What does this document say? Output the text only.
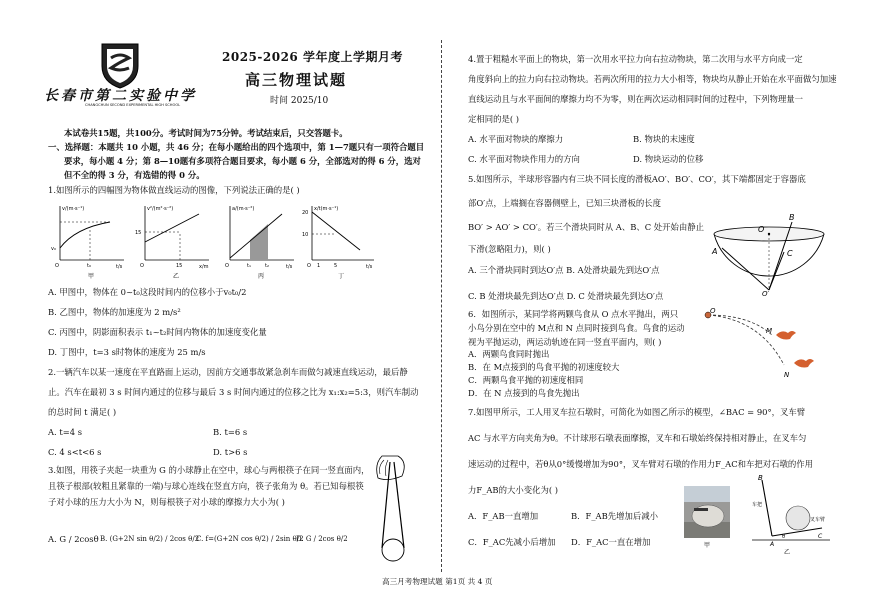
长春市第二实验中学
CHANGCHUN SECOND EXPERIMENTAL HIGH SCHOOL
2025-2026 学年度上学期月考
高三物理试题
时间 2025/10
本试卷共15题，共100分。考试时间为75分钟。考试结束后，只交答题卡。
一、选择题：本题共 10 小题，共 46 分；在每小题给出的四个选项中，第 1—7题只有一项符合题目
要求，每小题 4 分；第 8—10题有多项符合题目要求，每小题 6 分，全部选对的得 6 分，选对
但不全的得 3 分，有选错的得 0 分。
1.如图所示的四幅图为物体做直线运动的图像，下列说法正确的是( )
v/(m·s⁻¹)
t/s
t₀
v₀
O
甲
v²/(m²·s⁻²)
x/m
15
15
O
乙
a/(m·s⁻²)
t/s
t₁	t₂
O
丙
x/t(m·s⁻¹)
t/s
1	5
20
10
O
丁
A. 甲图中，物体在 0~t₀这段时间内的位移小于v₀t₀/2
B. 乙图中，物体的加速度为 2 m/s²
C. 丙图中，阴影面积表示 t₁~t₂时间内物体的加速度变化量
D. 丁图中，t=3 s时物体的速度为 25 m/s
2.一辆汽车以某一速度在平直路面上运动，因前方交通事故紧急刹车而做匀减速直线运动，最后静
止。汽车在最初 3 s 时间内通过的位移与最后 3 s 时间内通过的位移之比为 x₁:x₂=5:3，则汽车制动
的总时间 t 满足( )
A. t=4 s	B. t=6 s
C. 4 s<t<6 s	D. t>6 s
3.如图，用筷子夹起一块重为 G 的小球静止在空中，球心与两根筷子在同一竖直面内，
且筷子根部(较粗且紧靠的一端)与球心连线在竖直方向，筷子张角为 θ。若已知每根筷
子对小球的压力大小为 N，则每根筷子对小球的摩擦力大小为( )
A. G / 2cosθ B. (G+2N sin θ/2) / 2cos θ/2
C. f=(G+2N cos θ/2) / 2sin θ/2
D. G / 2cos θ/2
4.置于粗糙水平面上的物块，第一次用水平拉力向右拉动物块，第二次用与水平方向成一定
角度斜向上的拉力向右拉动物块。若两次所用的拉力大小相等，物块均从静止开始在水平面做匀加速
直线运动且与水平面间的摩擦力均不为零，则在两次运动相同时间的过程中，下列物理量一
定相同的是( )
A. 水平面对物块的摩擦力	B. 物块的末速度
C. 水平面对物块作用力的方向	D. 物块运动的位移
5.如图所示，半球形容器内有三块不同长度的滑板AO′、BO′、CO′，其下端都固定于容器底
部O′点，上端搁在容器侧壁上，已知三块滑板的长度
BO′ > AO′ > CO′。若三个滑块同时从 A、B、C 处开始由静止
下滑(忽略阻力)，则( )
A. 三个滑块同时到达O′点 B. A处滑块最先到达O′点
C. B 处滑块最先到达O′点 D. C 处滑块最先到达O′点
O
A
B
C
O′
6．如图所示，某同学将两颗鸟食从 O 点水平抛出，两只
小鸟分别在空中的 M点和 N 点同时接到鸟食。鸟食的运动
视为平抛运动，两运动轨迹在同一竖直平面内，则( )
A．两颗鸟食同时抛出
B．在 M点接到的鸟食平抛的初速度较大
C．两颗鸟食平抛的初速度相同
D．在 N 点接到的鸟食先抛出
O
M
N
7.如图甲所示，工人用叉车拉石墩时，可简化为如图乙所示的模型，∠BAC = 90°，叉车臂
AC 与水平方向夹角为θ。不计球形石墩表面摩擦，叉车和石墩始终保持相对静止，在叉车匀
速运动的过程中，若θ从0°缓慢增加为90°，叉车臂对石墩的作用力F_AC和车把对石墩的作用
力F_AB的大小变化为( )
A．F_AB一直增加	B．F_AB先增加后减小
C．F_AC先减小后增加 D．F_AC一直在增加	甲
B
车把
叉车臂
A
C
θ
乙
高三月考物理试题 第1页 共 4 页
